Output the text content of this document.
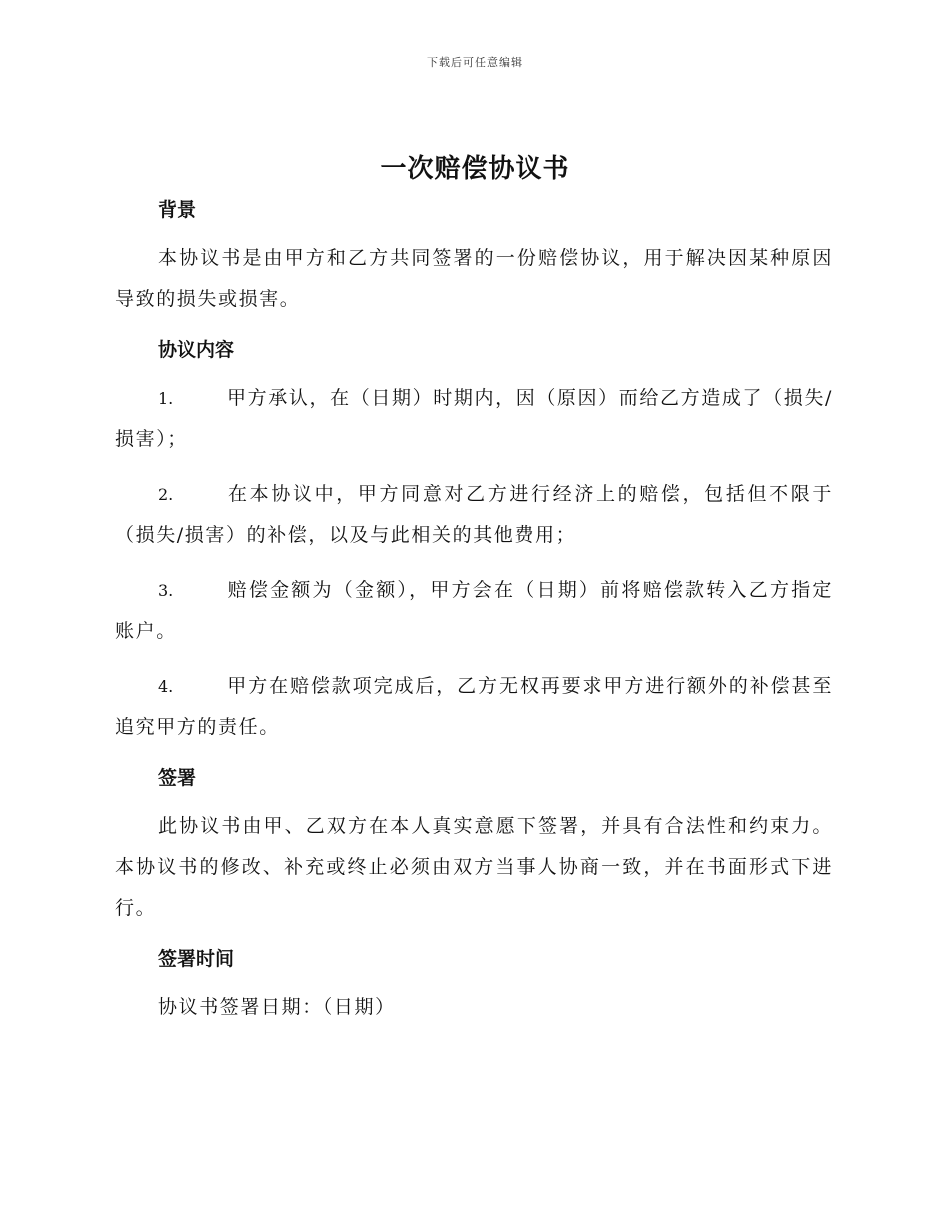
下载后可任意编辑
一次赔偿协议书
背景

本协议书是由甲方和乙方共同签署的一份赔偿协议，用于解决因某种原因导致的损失或损害。

协议内容

1.	甲方承认，在（日期）时期内，因（原因）而给乙方造成了（损失/损害）；

2.	在本协议中，甲方同意对乙方进行经济上的赔偿，包括但不限于（损失/损害）的补偿，以及与此相关的其他费用；

3.	赔偿金额为（金额），甲方会在（日期）前将赔偿款转入乙方指定账户。

4.	甲方在赔偿款项完成后，乙方无权再要求甲方进行额外的补偿甚至追究甲方的责任。

签署

此协议书由甲、乙双方在本人真实意愿下签署，并具有合法性和约束力。本协议书的修改、补充或终止必须由双方当事人协商一致，并在书面形式下进行。

签署时间

协议书签署日期：（日期）
